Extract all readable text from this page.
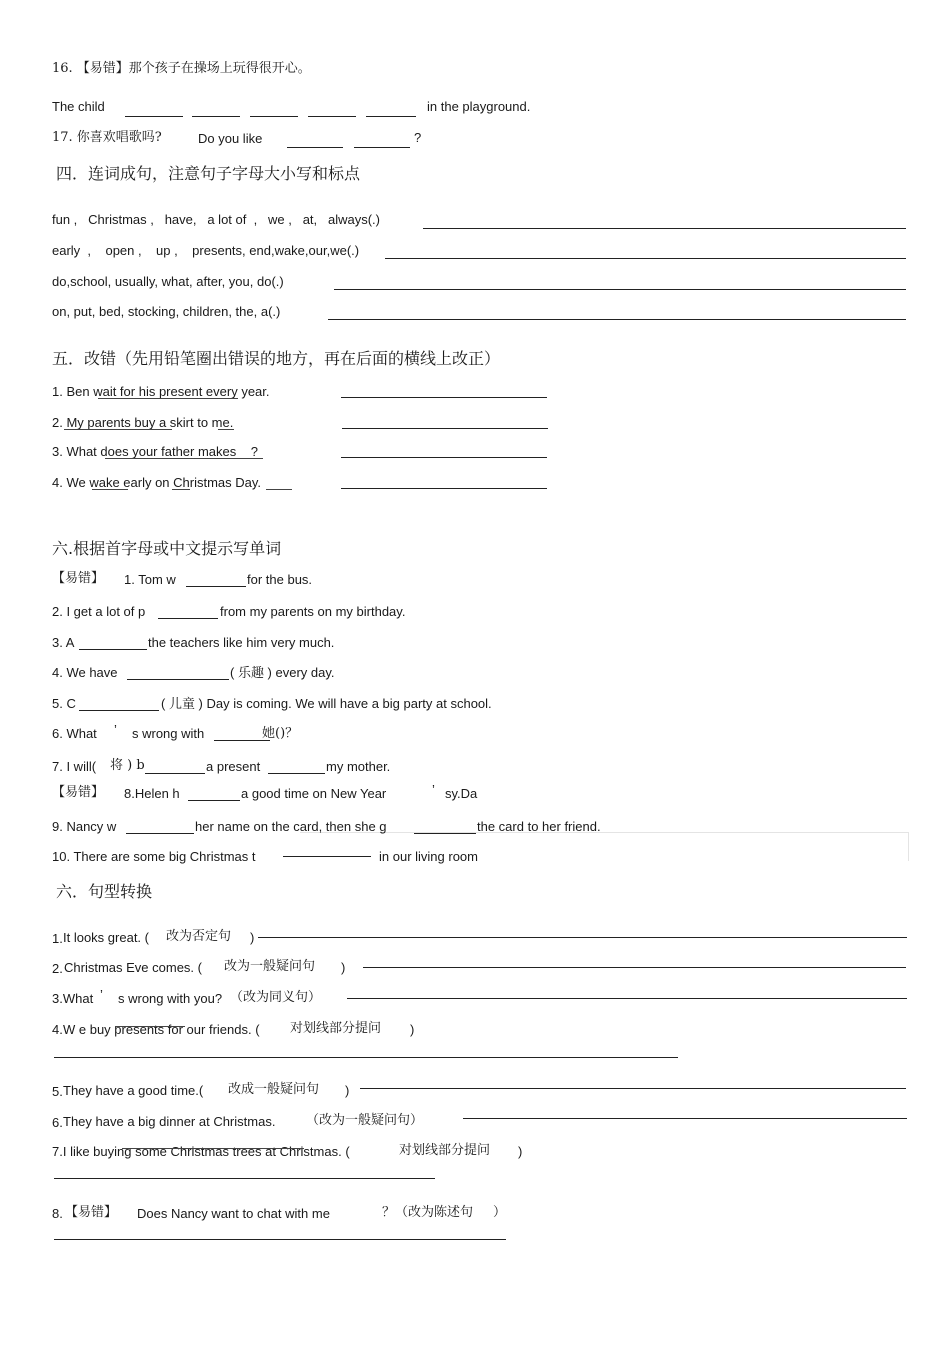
16. 【易错】那个孩子在操场上玩得很开心。
The child	in the playground.
17. 你喜欢唱歌吗?	Do you like	?
四．连词成句，注意句子字母大小写和标点
fun ,   Christmas ,   have,   a lot of  ,   we ,   at,   always(.)
early  ,    open ,    up ,    presents, end,wake,our,we(.)
do,school, usually, what, after, you, do(.)
on, put, bed, stocking, children, the, a(.)
五．改错（先用铅笔圈出错误的地方，再在后面的横线上改正）
1. Ben wait for his present every year.
2. My parents buy a skirt to me.
3. What does your father makes    ?
4. We wake early on Christmas Day.
六.根据首字母或中文提示写单词
【易错】 1. Tom w	for the bus.
2. I get a lot of p	from my parents on my birthday.
3. A	the teachers like him very much.
4. We have	( 乐趣 ) every day.
5. C	( 儿童 ) Day is coming. We will have a big party at school.
6. What ’ s wrong with	她()？
7. I will( 将 ) b	a present	my mother.
【易错】 8.Helen h	a good time on New Year	’ sy.Da
9. Nancy w	her name on the card, then she g	the card to her friend.
10. There are some big Christmas t	in our living room
六．句型转换
1. It looks great. ( 改为否定句 )
2. Christmas Eve comes. ( 改为一般疑问句 )
3.What ’ s wrong with you? （改为同义句）
4. W e buy presents for our friends. ( 对划线部分提问 )
5. They have a good time.( 改成一般疑问句 )
6. They have a big dinner at Christmas. （改为一般疑问句）
7.I like buying some Christmas trees at Christmas. (	对划线部分提问 )
8. 【易错】 Does Nancy want to chat with me	？（改为陈述句 ）
